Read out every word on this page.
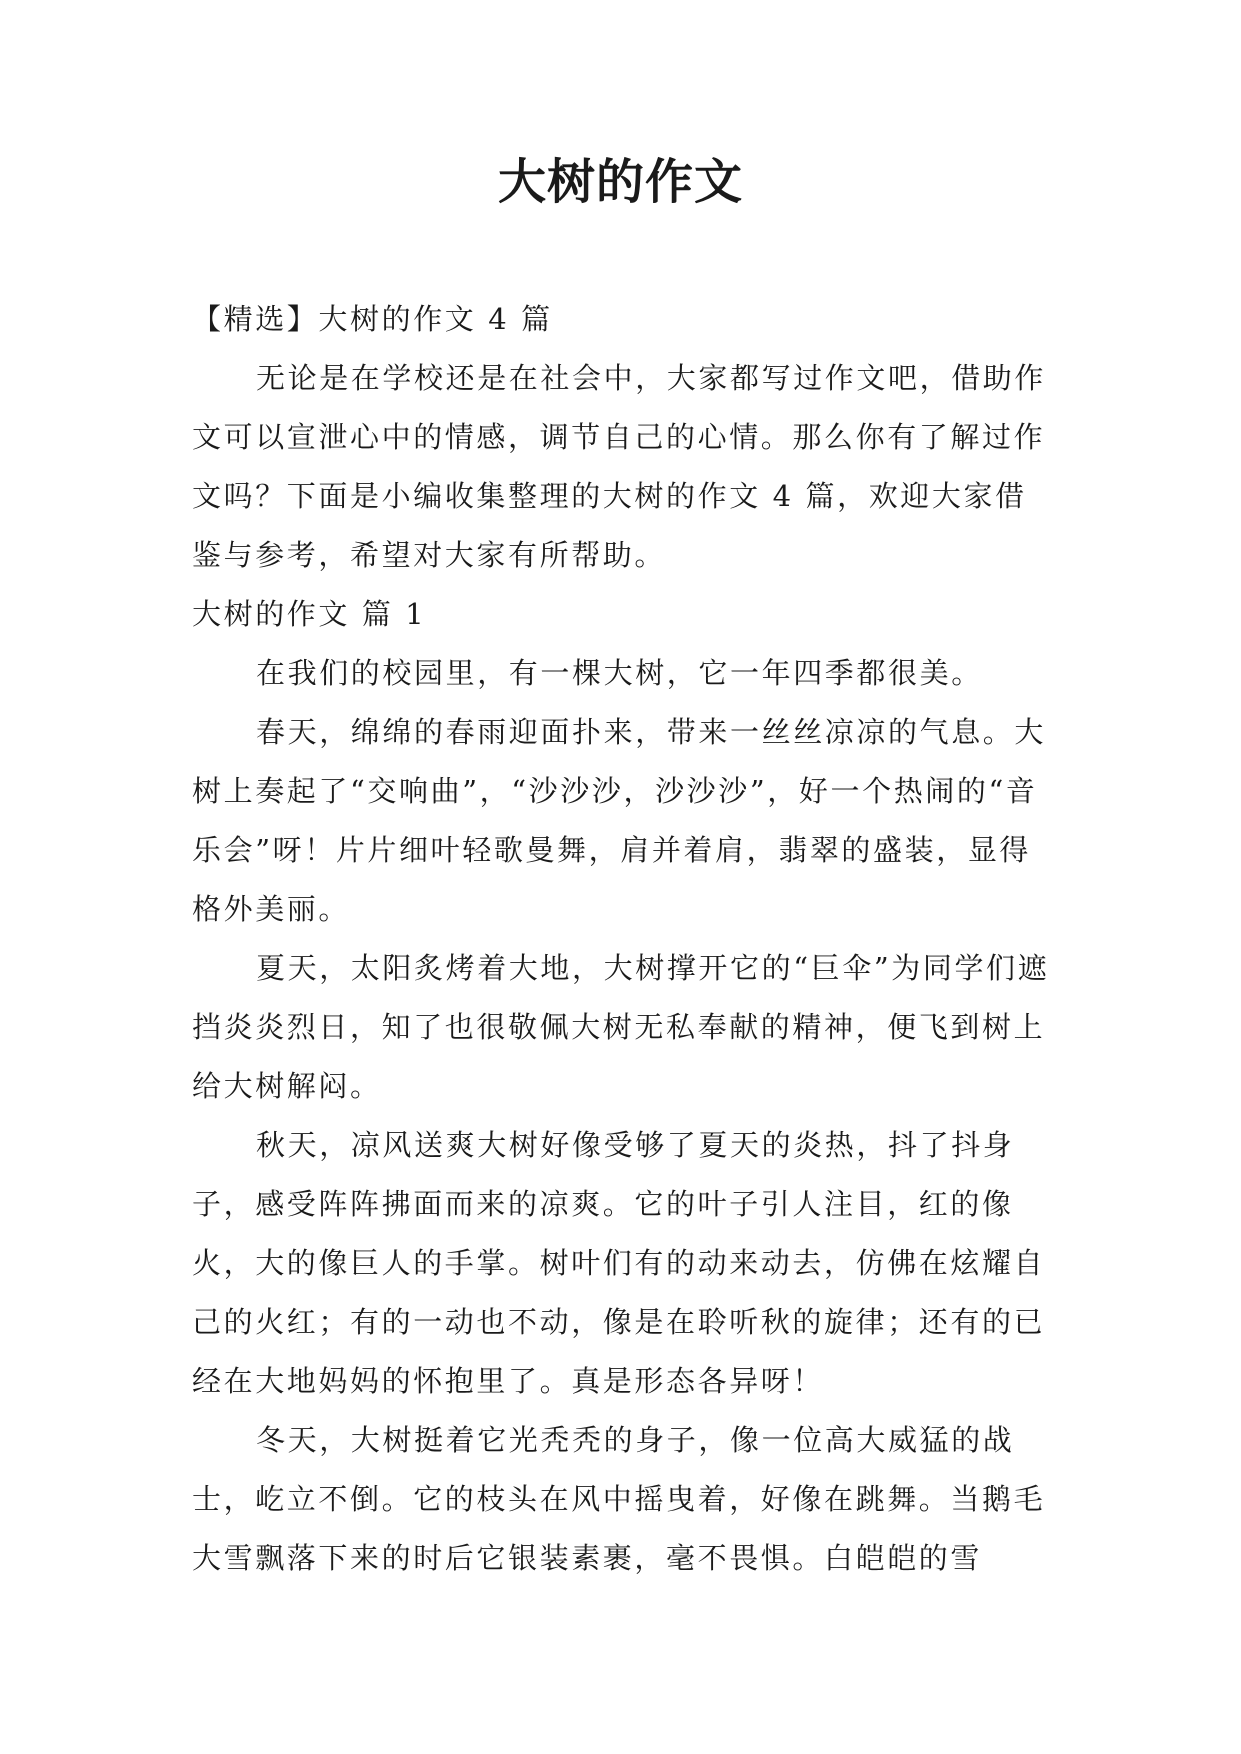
大树的作文

【精选】大树的作文 4 篇

无论是在学校还是在社会中，大家都写过作文吧，借助作文可以宣泄心中的情感，调节自己的心情。那么你有了解过作文吗？下面是小编收集整理的大树的作文 4 篇，欢迎大家借鉴与参考，希望对大家有所帮助。

大树的作文 篇 1

在我们的校园里，有一棵大树，它一年四季都很美。

春天，绵绵的春雨迎面扑来，带来一丝丝凉凉的气息。大树上奏起了“交响曲”，“沙沙沙，沙沙沙”，好一个热闹的“音乐会”呀！片片细叶轻歌曼舞，肩并着肩，翡翠的盛装，显得格外美丽。

夏天，太阳炙烤着大地，大树撑开它的“巨伞”为同学们遮挡炎炎烈日，知了也很敬佩大树无私奉献的精神，便飞到树上给大树解闷。

秋天，凉风送爽大树好像受够了夏天的炎热，抖了抖身子，感受阵阵拂面而来的凉爽。它的叶子引人注目，红的像火，大的像巨人的手掌。树叶们有的动来动去，仿佛在炫耀自己的火红；有的一动也不动，像是在聆听秋的旋律；还有的已经在大地妈妈的怀抱里了。真是形态各异呀！

冬天，大树挺着它光秃秃的身子，像一位高大威猛的战士，屹立不倒。它的枝头在风中摇曳着，好像在跳舞。当鹅毛大雪飘落下来的时后它银装素裹，毫不畏惧。白皑皑的雪
